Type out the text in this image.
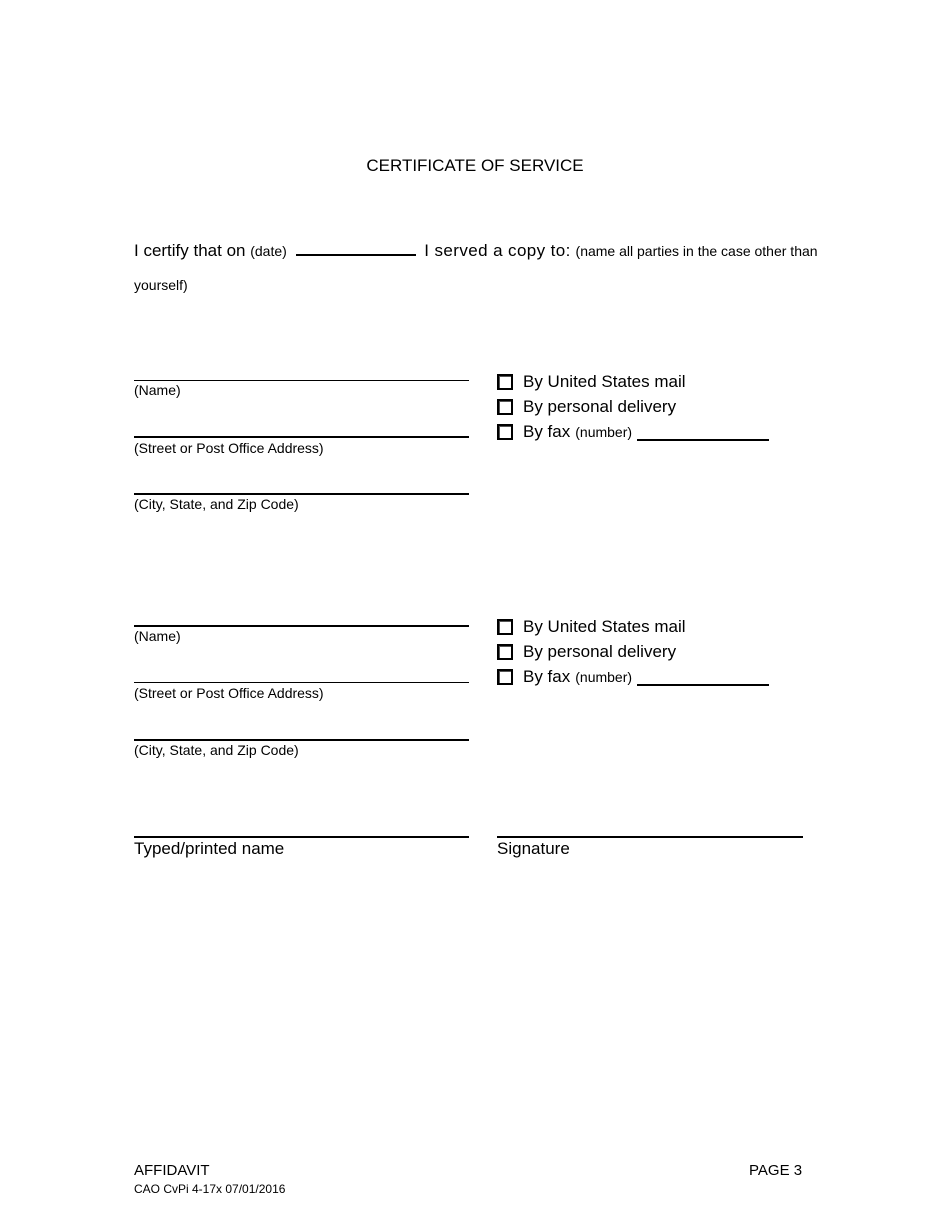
CERTIFICATE OF SERVICE
I certify that on (date)	I served a copy to: (name all parties in the case other than
yourself)
(Name)
(Street or Post Office Address)
(City, State, and Zip Code)
By United States mail
By personal delivery
By fax (number)
(Name)
(Street or Post Office Address)
(City, State, and Zip Code)
By United States mail
By personal delivery
By fax (number)
Typed/printed name	Signature
AFFIDAVIT
CAO CvPi 4-17x 07/01/2016
PAGE 3
